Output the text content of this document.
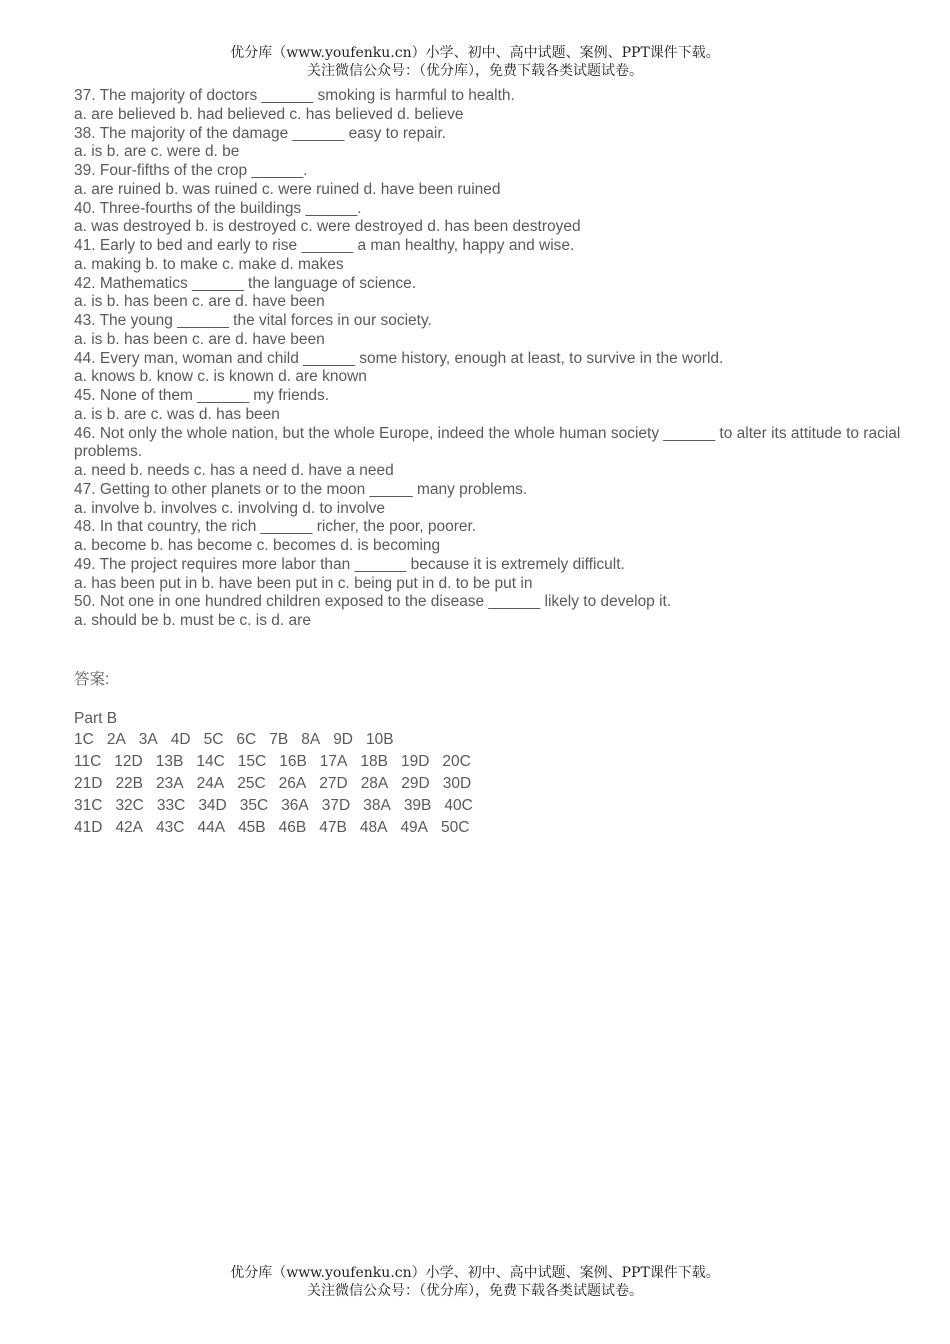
优分库（www.youfenku.cn）小学、初中、高中试题、案例、PPT课件下载。
关注微信公众号：（优分库），免费下载各类试题试卷。
37. The majority of doctors ______ smoking is harmful to health.
a. are believed b. had believed c. has believed d. believe
38. The majority of the damage ______ easy to repair.
a. is b. are c. were d. be
39. Four-fifths of the crop ______.
a. are ruined b. was ruined c. were ruined d. have been ruined
40. Three-fourths of the buildings ______.
a. was destroyed b. is destroyed c. were destroyed d. has been destroyed
41. Early to bed and early to rise ______ a man healthy, happy and wise.
a. making b. to make c. make d. makes
42. Mathematics ______ the language of science.
a. is b. has been c. are d. have been
43. The young ______ the vital forces in our society.
a. is b. has been c. are d. have been
44. Every man, woman and child ______ some history, enough at least, to survive in the world.
a. knows b. know c. is known d. are known
45. None of them ______ my friends.
a. is b. are c. was d. has been
46. Not only the whole nation, but the whole Europe, indeed the whole human society ______ to alter its attitude to racial problems.
a. need b. needs c. has a need d. have a need
47. Getting to other planets or to the moon _____ many problems.
a. involve b. involves c. involving d. to involve
48. In that country, the rich ______ richer, the poor, poorer.
a. become b. has become c. becomes d. is becoming
49. The project requires more labor than ______ because it is extremely difficult.
a. has been put in b. have been put in c. being put in d. to be put in
50. Not one in one hundred children exposed to the disease ______ likely to develop it.
a. should be b. must be c. is d. are
答案:
Part B
1C 2A 3A 4D 5C 6C 7B 8A 9D 10B
11C 12D 13B 14C 15C 16B 17A 18B 19D 20C
21D 22B 23A 24A 25C 26A 27D 28A 29D 30D
31C 32C 33C 34D 35C 36A 37D 38A 39B 40C
41D 42A 43C 44A 45B 46B 47B 48A 49A 50C
优分库（www.youfenku.cn）小学、初中、高中试题、案例、PPT课件下载。
关注微信公众号：（优分库），免费下载各类试题试卷。
